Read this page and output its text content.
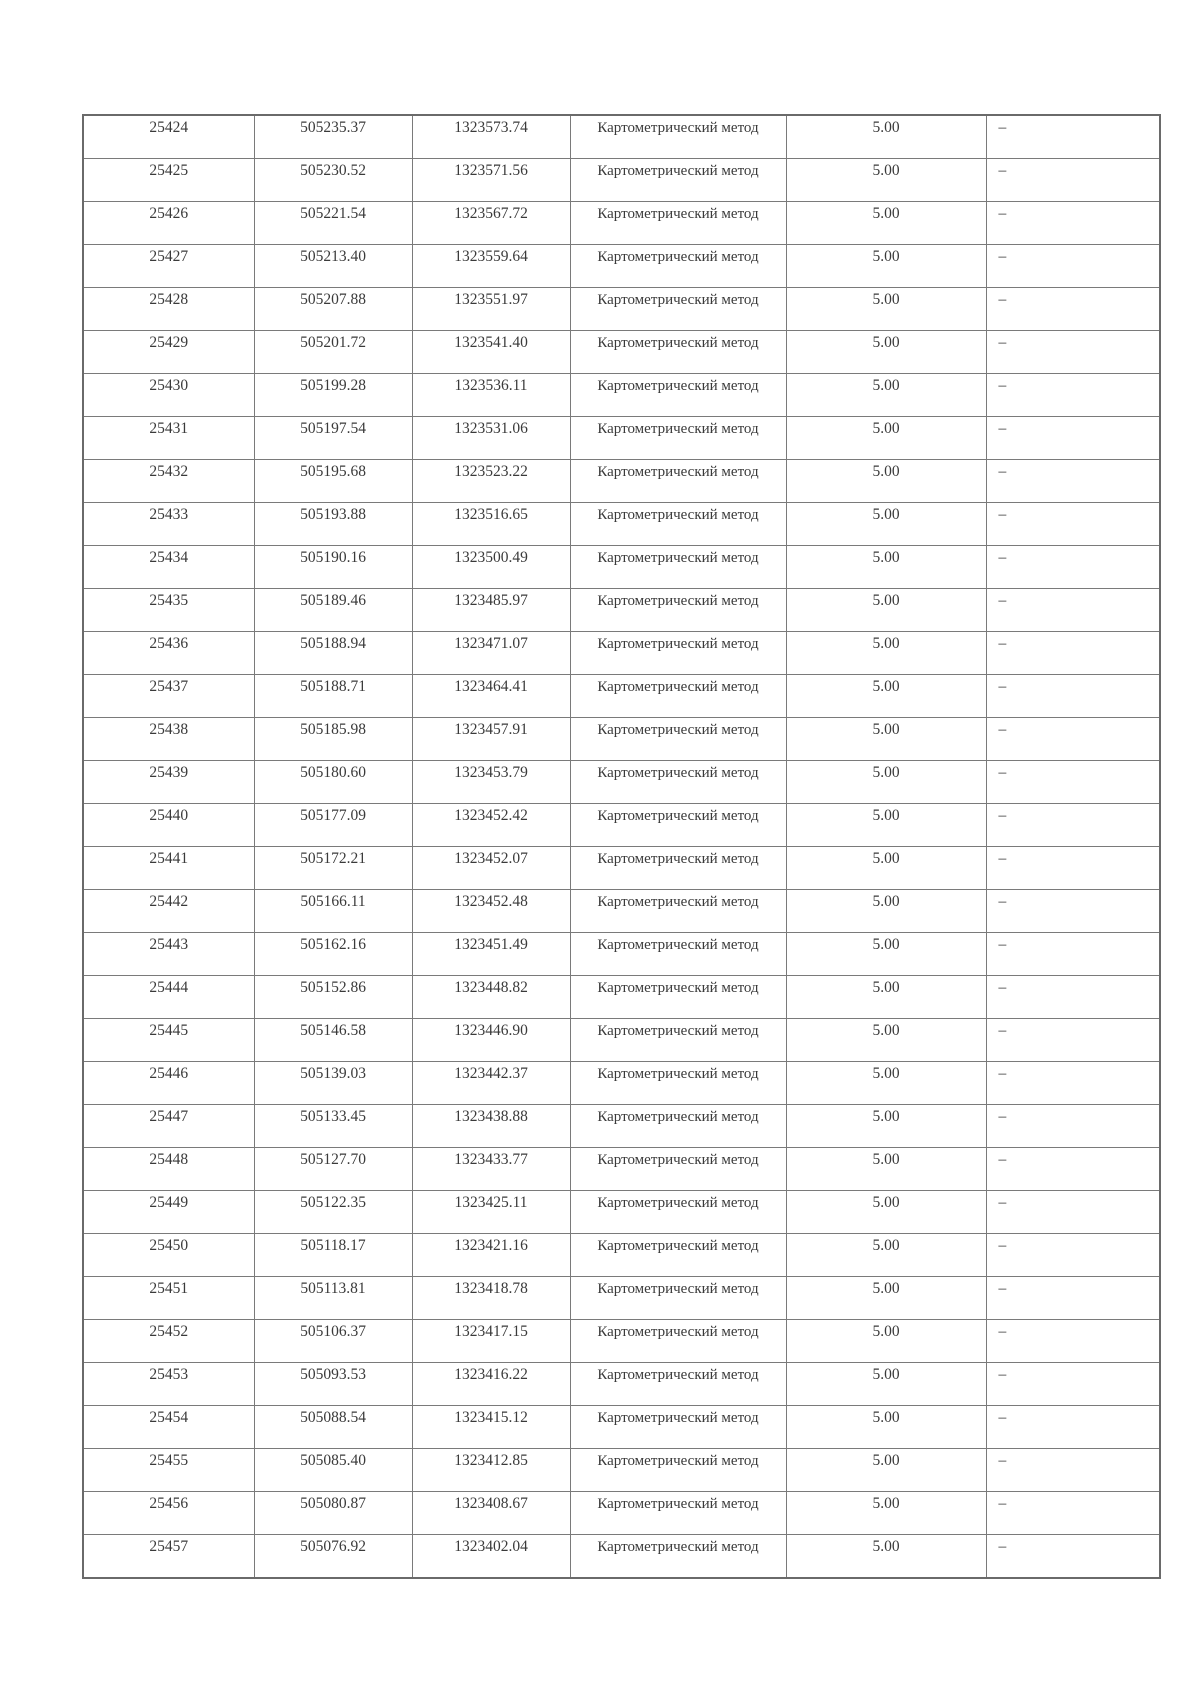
25424	505235.37	1323573.74	Картометрический метод	5.00	–
25425	505230.52	1323571.56	Картометрический метод	5.00	–
25426	505221.54	1323567.72	Картометрический метод	5.00	–
25427	505213.40	1323559.64	Картометрический метод	5.00	–
25428	505207.88	1323551.97	Картометрический метод	5.00	–
25429	505201.72	1323541.40	Картометрический метод	5.00	–
25430	505199.28	1323536.11	Картометрический метод	5.00	–
25431	505197.54	1323531.06	Картометрический метод	5.00	–
25432	505195.68	1323523.22	Картометрический метод	5.00	–
25433	505193.88	1323516.65	Картометрический метод	5.00	–
25434	505190.16	1323500.49	Картометрический метод	5.00	–
25435	505189.46	1323485.97	Картометрический метод	5.00	–
25436	505188.94	1323471.07	Картометрический метод	5.00	–
25437	505188.71	1323464.41	Картометрический метод	5.00	–
25438	505185.98	1323457.91	Картометрический метод	5.00	–
25439	505180.60	1323453.79	Картометрический метод	5.00	–
25440	505177.09	1323452.42	Картометрический метод	5.00	–
25441	505172.21	1323452.07	Картометрический метод	5.00	–
25442	505166.11	1323452.48	Картометрический метод	5.00	–
25443	505162.16	1323451.49	Картометрический метод	5.00	–
25444	505152.86	1323448.82	Картометрический метод	5.00	–
25445	505146.58	1323446.90	Картометрический метод	5.00	–
25446	505139.03	1323442.37	Картометрический метод	5.00	–
25447	505133.45	1323438.88	Картометрический метод	5.00	–
25448	505127.70	1323433.77	Картометрический метод	5.00	–
25449	505122.35	1323425.11	Картометрический метод	5.00	–
25450	505118.17	1323421.16	Картометрический метод	5.00	–
25451	505113.81	1323418.78	Картометрический метод	5.00	–
25452	505106.37	1323417.15	Картометрический метод	5.00	–
25453	505093.53	1323416.22	Картометрический метод	5.00	–
25454	505088.54	1323415.12	Картометрический метод	5.00	–
25455	505085.40	1323412.85	Картометрический метод	5.00	–
25456	505080.87	1323408.67	Картометрический метод	5.00	–
25457	505076.92	1323402.04	Картометрический метод	5.00	–
